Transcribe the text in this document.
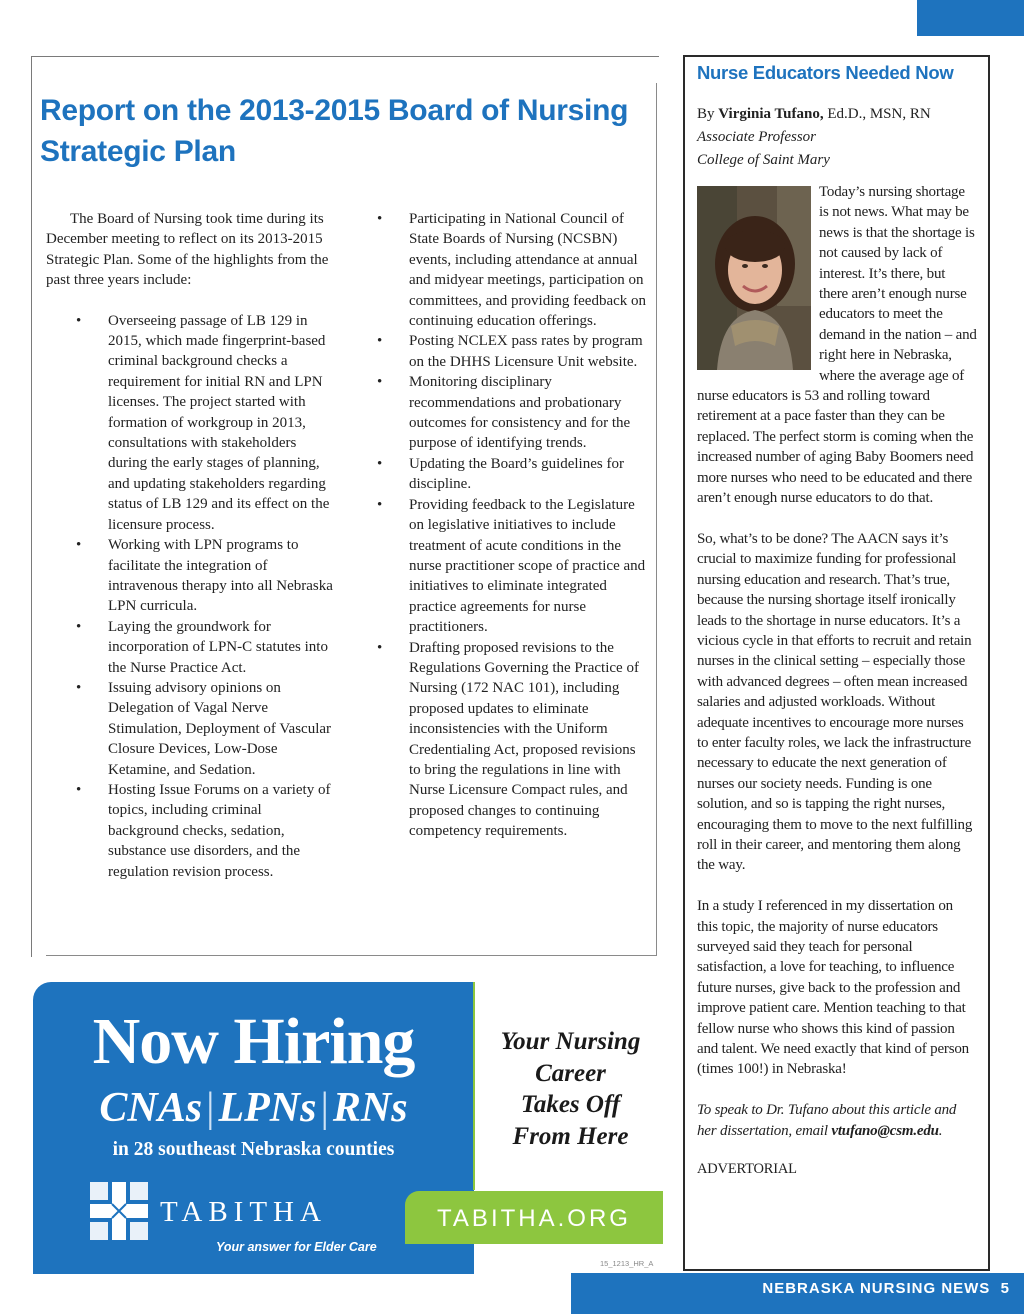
Report on the 2013-2015 Board of Nursing Strategic Plan

The Board of Nursing took time during its December meeting to reflect on its 2013-2015 Strategic Plan. Some of the highlights from the past three years include:

• Overseeing passage of LB 129 in 2015, which made fingerprint-based criminal background checks a requirement for initial RN and LPN licenses. The project started with formation of workgroup in 2013, consultations with stakeholders during the early stages of planning, and updating stakeholders regarding status of LB 129 and its effect on the licensure process.
• Working with LPN programs to facilitate the integration of intravenous therapy into all Nebraska LPN curricula.
• Laying the groundwork for incorporation of LPN-C statutes into the Nurse Practice Act.
• Issuing advisory opinions on Delegation of Vagal Nerve Stimulation, Deployment of Vascular Closure Devices, Low-Dose Ketamine, and Sedation.
• Hosting Issue Forums on a variety of topics, including criminal background checks, sedation, substance use disorders, and the regulation revision process.
• Participating in National Council of State Boards of Nursing (NCSBN) events, including attendance at annual and midyear meetings, participation on committees, and providing feedback on continuing education offerings.
• Posting NCLEX pass rates by program on the DHHS Licensure Unit website.
• Monitoring disciplinary recommendations and probationary outcomes for consistency and for the purpose of identifying trends.
• Updating the Board’s guidelines for discipline.
• Providing feedback to the Legislature on legislative initiatives to include treatment of acute conditions in the nurse practitioner scope of practice and initiatives to eliminate integrated practice agreements for nurse practitioners.
• Drafting proposed revisions to the Regulations Governing the Practice of Nursing (172 NAC 101), including proposed updates to eliminate inconsistencies with the Uniform Credentialing Act, proposed revisions to bring the regulations in line with Nurse Licensure Compact rules, and proposed changes to continuing competency requirements.
Nurse Educators Needed Now
By Virginia Tufano, Ed.D., MSN, RN
Associate Professor
College of Saint Mary

Today’s nursing shortage is not news. What may be news is that the shortage is not caused by lack of interest. It’s there, but there aren’t enough nurse educators to meet the demand in the nation – and right here in Nebraska, where the average age of nurse educators is 53 and rolling toward retirement at a pace faster than they can be replaced. The perfect storm is coming when the increased number of aging Baby Boomers need more nurses who need to be educated and there aren’t enough nurse educators to do that.

So, what’s to be done? The AACN says it’s crucial to maximize funding for professional nursing education and research. That’s true, because the nursing shortage itself ironically leads to the shortage in nurse educators. It’s a vicious cycle in that efforts to recruit and retain nurses in the clinical setting – especially those with advanced degrees – often mean increased salaries and adjusted workloads. Without adequate incentives to encourage more nurses to enter faculty roles, we lack the infrastructure necessary to educate the next generation of nurses our society needs. Funding is one solution, and so is tapping the right nurses, encouraging them to move to the next fulfilling roll in their career, and mentoring them along the way.

In a study I referenced in my dissertation on this topic, the majority of nurse educators surveyed said they teach for personal satisfaction, a love for teaching, to influence future nurses, give back to the profession and improve patient care. Mention teaching to that fellow nurse who shows this kind of passion and talent. We need exactly that kind of person (times 100!) in Nebraska!

To speak to Dr. Tufano about this article and her dissertation, email vtufano@csm.edu.

ADVERTORIAL

Now Hiring
CNAs|LPNs|RNs
in 28 southeast Nebraska counties
TABITHA
Your answer for Elder Care
Your Nursing
Career
Takes Off
From Here
TABITHA.ORG
15_1213_HR_A
NEBRASKA NURSING NEWS 5
